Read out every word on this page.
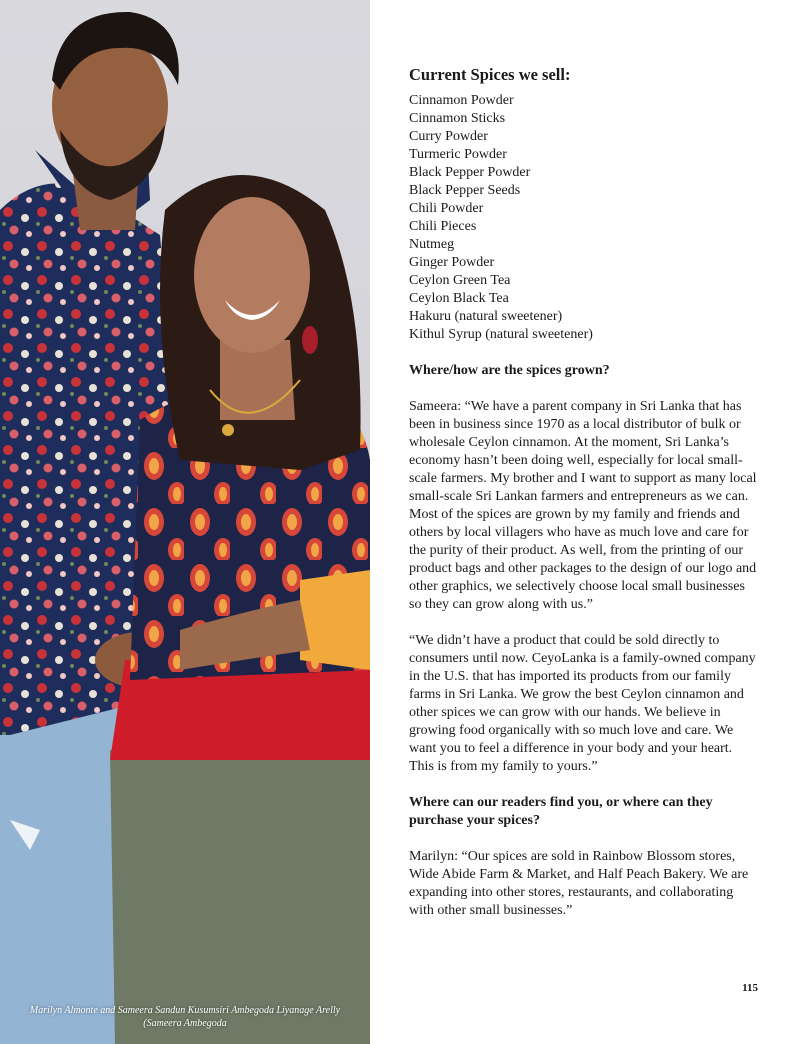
Marilyn Almonte and Sameera Sandun Kusumsiri Ambegoda Liyanage Arelly
(Sameera Ambegoda
Current Spices we sell:
Cinnamon Powder
Cinnamon Sticks
Curry Powder
Turmeric Powder
Black Pepper Powder
Black Pepper Seeds
Chili Powder
Chili Pieces
Nutmeg
Ginger Powder
Ceylon Green Tea
Ceylon Black Tea
Hakuru (natural sweetener)
Kithul Syrup (natural sweetener)
Where/how are the spices grown?

Sameera: “We have a parent company in Sri Lanka that has been in business since 1970 as a local distributor of bulk or wholesale Ceylon cinnamon. At the moment, Sri Lanka’s economy hasn’t been doing well, especially for local small-scale farmers. My brother and I want to support as many local small-scale Sri Lankan farmers and entrepreneurs as we can. Most of the spices are grown by my family and friends and others by local villagers who have as much love and care for the purity of their product. As well, from the printing of our product bags and other packages to the design of our logo and other graphics, we selectively choose local small businesses so they can grow along with us.”

“We didn’t have a product that could be sold directly to consumers until now. CeyoLanka is a family-owned company in the U.S. that has imported its products from our family farms in Sri Lanka. We grow the best Ceylon cinnamon and other spices we can grow with our hands. We believe in growing food organically with so much love and care. We want you to feel a difference in your body and your heart. This is from my family to yours.”

Where can our readers find you, or where can they purchase your spices?

Marilyn: “Our spices are sold in Rainbow Blossom stores, Wide Abide Farm & Market, and Half Peach Bakery. We are expanding into other stores, restaurants, and collaborating with other small businesses.”

115
